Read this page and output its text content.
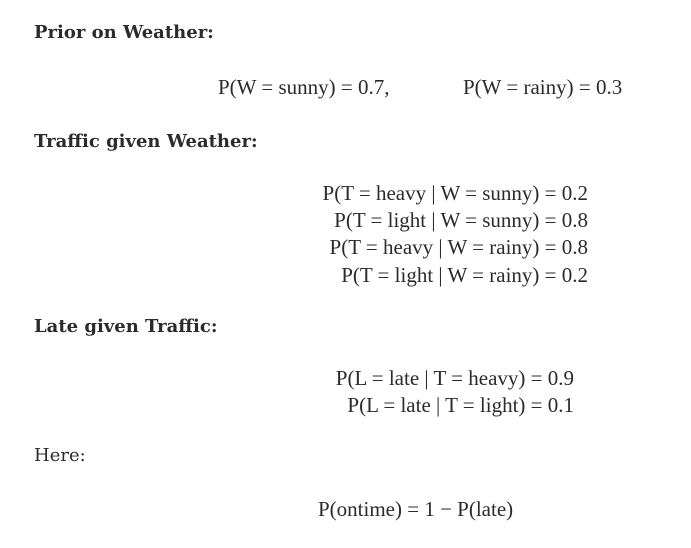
Prior on Weather:
P(W = sunny) = 0.7,	P(W = rainy) = 0.3
Traffic given Weather:
P(T = heavy | W = sunny) = 0.2
P(T = light | W = sunny) = 0.8
P(T = heavy | W = rainy) = 0.8
P(T = light | W = rainy) = 0.2
Late given Traffic:
P(L = late | T = heavy) = 0.9
P(L = late | T = light) = 0.1
Here:
P(ontime) = 1 − P(late)
